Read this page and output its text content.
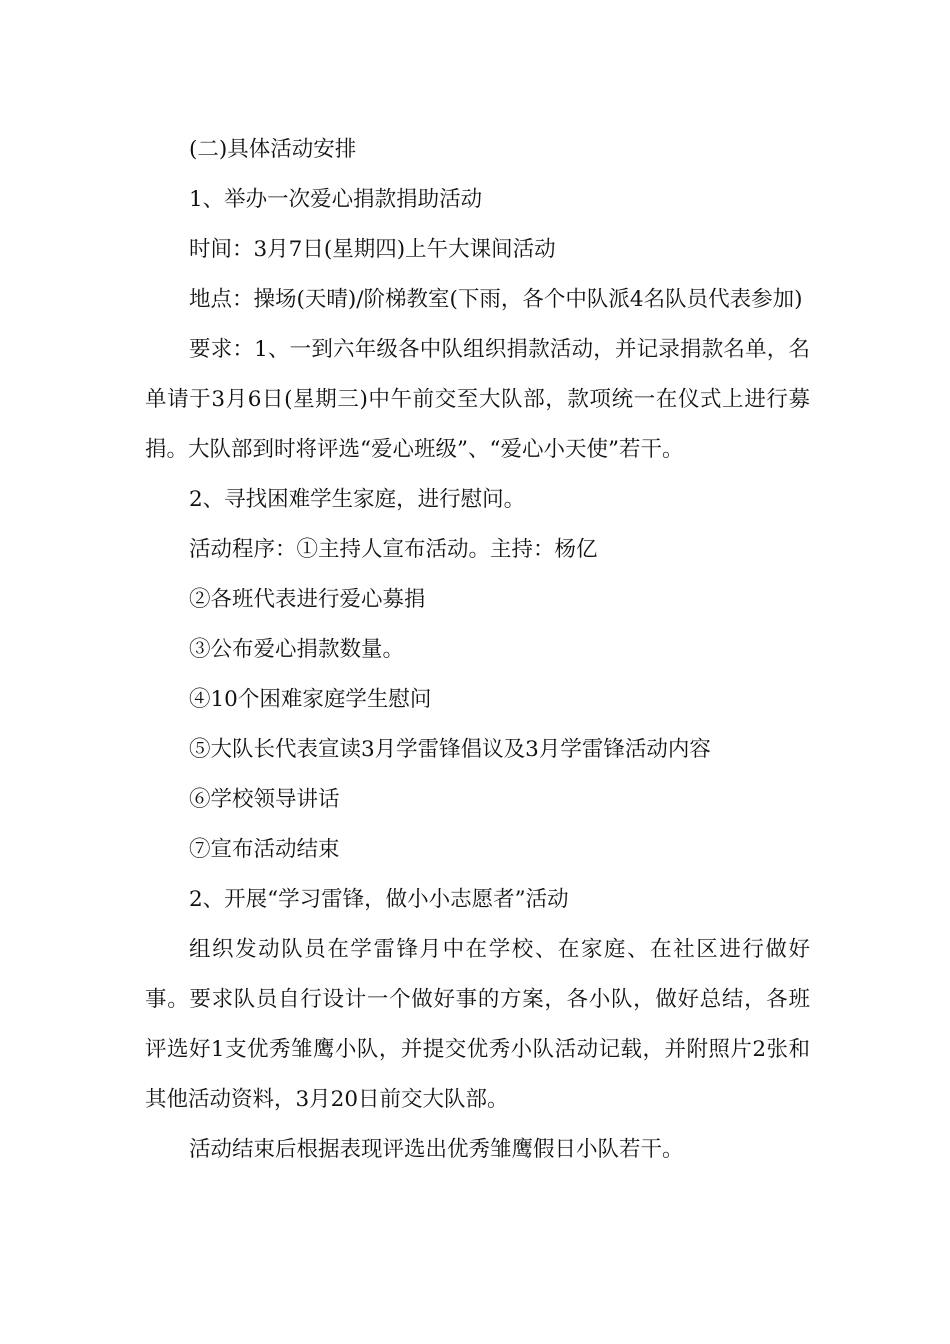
(二)具体活动安排

1、举办一次爱心捐款捐助活动

时间：3月7日(星期四)上午大课间活动

地点：操场(天晴)/阶梯教室(下雨，各个中队派4名队员代表参加)

要求：1、一到六年级各中队组织捐款活动，并记录捐款名单，名单请于3月6日(星期三)中午前交至大队部，款项统一在仪式上进行募捐。大队部到时将评选“爱心班级”、“爱心小天使”若干。

2、寻找困难学生家庭，进行慰问。

活动程序：①主持人宣布活动。主持：杨亿

②各班代表进行爱心募捐

③公布爱心捐款数量。

④10个困难家庭学生慰问

⑤大队长代表宣读3月学雷锋倡议及3月学雷锋活动内容

⑥学校领导讲话

⑦宣布活动结束

2、开展“学习雷锋，做小小志愿者”活动

组织发动队员在学雷锋月中在学校、在家庭、在社区进行做好事。要求队员自行设计一个做好事的方案，各小队，做好总结，各班评选好1支优秀雏鹰小队，并提交优秀小队活动记载，并附照片2张和其他活动资料，3月20日前交大队部。

活动结束后根据表现评选出优秀雏鹰假日小队若干。
